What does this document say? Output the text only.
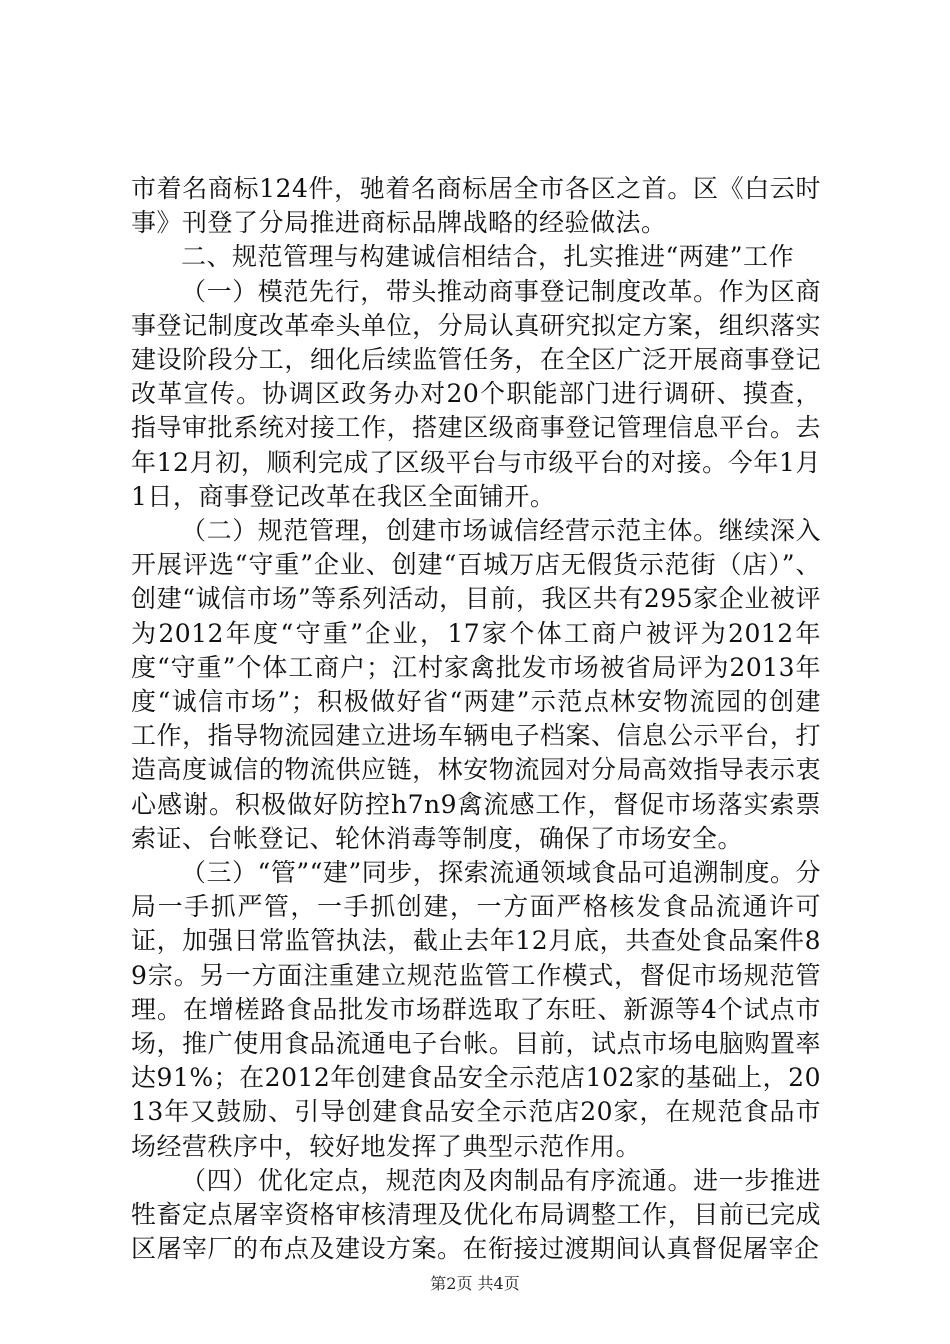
市着名商标124件，驰着名商标居全市各区之首。区《白云时事》刊登了分局推进商标品牌战略的经验做法。

二、规范管理与构建诚信相结合，扎实推进“两建”工作

（一）模范先行，带头推动商事登记制度改革。作为区商事登记制度改革牵头单位，分局认真研究拟定方案，组织落实建设阶段分工，细化后续监管任务，在全区广泛开展商事登记改革宣传。协调区政务办对20个职能部门进行调研、摸查，指导审批系统对接工作，搭建区级商事登记管理信息平台。去年12月初，顺利完成了区级平台与市级平台的对接。今年1月1日，商事登记改革在我区全面铺开。

（二）规范管理，创建市场诚信经营示范主体。继续深入开展评选“守重”企业、创建“百城万店无假货示范街（店）”、创建“诚信市场”等系列活动，目前，我区共有295家企业被评为2012年度“守重”企业，17家个体工商户被评为2012年度“守重”个体工商户；江村家禽批发市场被省局评为2013年度“诚信市场”；积极做好省“两建”示范点林安物流园的创建工作，指导物流园建立进场车辆电子档案、信息公示平台，打造高度诚信的物流供应链，林安物流园对分局高效指导表示衷心感谢。积极做好防控h7n9禽流感工作，督促市场落实索票索证、台帐登记、轮休消毒等制度，确保了市场安全。

（三）“管”“建”同步，探索流通领域食品可追溯制度。分局一手抓严管，一手抓创建，一方面严格核发食品流通许可证，加强日常监管执法，截止去年12月底，共查处食品案件89宗。另一方面注重建立规范监管工作模式，督促市场规范管理。在增槎路食品批发市场群选取了东旺、新源等4个试点市场，推广使用食品流通电子台帐。目前，试点市场电脑购置率达91%；在2012年创建食品安全示范店102家的基础上，2013年又鼓励、引导创建食品安全示范店20家，在规范食品市场经营秩序中，较好地发挥了典型示范作用。

（四）优化定点，规范肉及肉制品有序流通。进一步推进牲畜定点屠宰资格审核清理及优化布局调整工作，目前已完成区屠宰厂的布点及建设方案。在衔接过渡期间认真督促屠宰企

第2页 共4页
